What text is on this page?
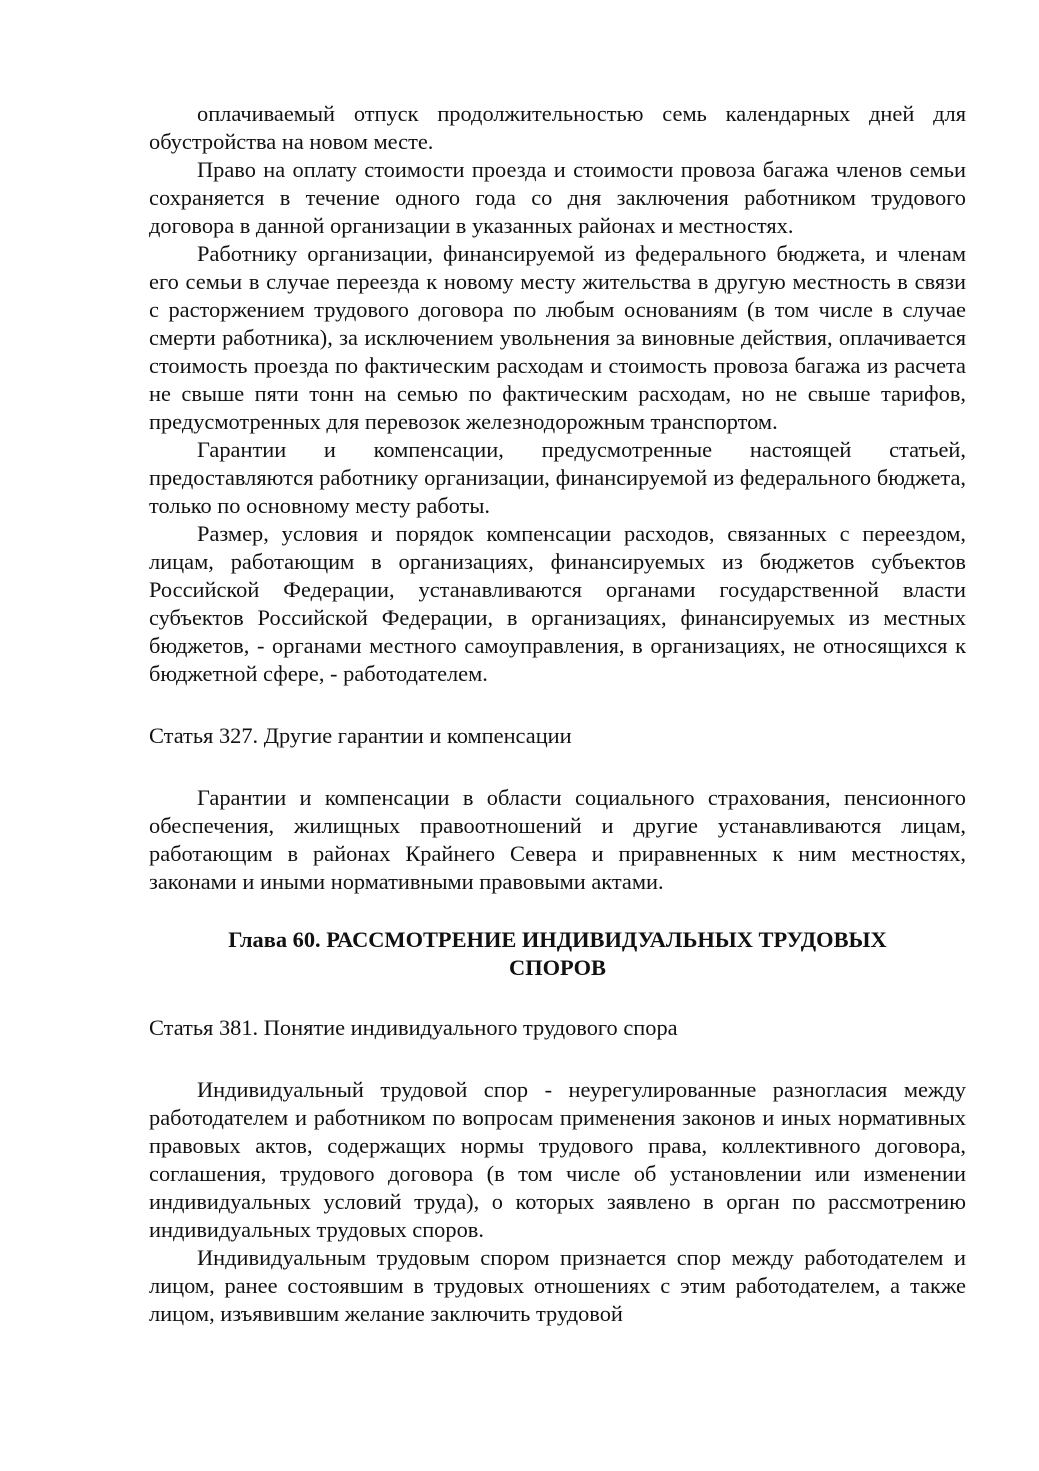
оплачиваемый отпуск продолжительностью семь календарных дней для обустройства на новом месте.

Право на оплату стоимости проезда и стоимости провоза багажа членов семьи сохраняется в течение одного года со дня заключения работником трудового договора в данной организации в указанных районах и местностях.

Работнику организации, финансируемой из федерального бюджета, и членам его семьи в случае переезда к новому месту жительства в другую местность в связи с расторжением трудового договора по любым основаниям (в том числе в случае смерти работника), за исключением увольнения за виновные действия, оплачивается стоимость проезда по фактическим расходам и стоимость провоза багажа из расчета не свыше пяти тонн на семью по фактическим расходам, но не свыше тарифов, предусмотренных для перевозок железнодорожным транспортом.

Гарантии и компенсации, предусмотренные настоящей статьей, предоставляются работнику организации, финансируемой из федерального бюджета, только по основному месту работы.

Размер, условия и порядок компенсации расходов, связанных с переездом, лицам, работающим в организациях, финансируемых из бюджетов субъектов Российской Федерации, устанавливаются органами государственной власти субъектов Российской Федерации, в организациях, финансируемых из местных бюджетов, - органами местного самоуправления, в организациях, не относящихся к бюджетной сфере, - работодателем.

Статья 327. Другие гарантии и компенсации

Гарантии и компенсации в области социального страхования, пенсионного обеспечения, жилищных правоотношений и другие устанавливаются лицам, работающим в районах Крайнего Севера и приравненных к ним местностях, законами и иными нормативными правовыми актами.

Глава 60. РАССМОТРЕНИЕ ИНДИВИДУАЛЬНЫХ ТРУДОВЫХ СПОРОВ

Статья 381. Понятие индивидуального трудового спора

Индивидуальный трудовой спор - неурегулированные разногласия между работодателем и работником по вопросам применения законов и иных нормативных правовых актов, содержащих нормы трудового права, коллективного договора, соглашения, трудового договора (в том числе об установлении или изменении индивидуальных условий труда), о которых заявлено в орган по рассмотрению индивидуальных трудовых споров.

Индивидуальным трудовым спором признается спор между работодателем и лицом, ранее состоявшим в трудовых отношениях с этим работодателем, а также лицом, изъявившим желание заключить трудовой
